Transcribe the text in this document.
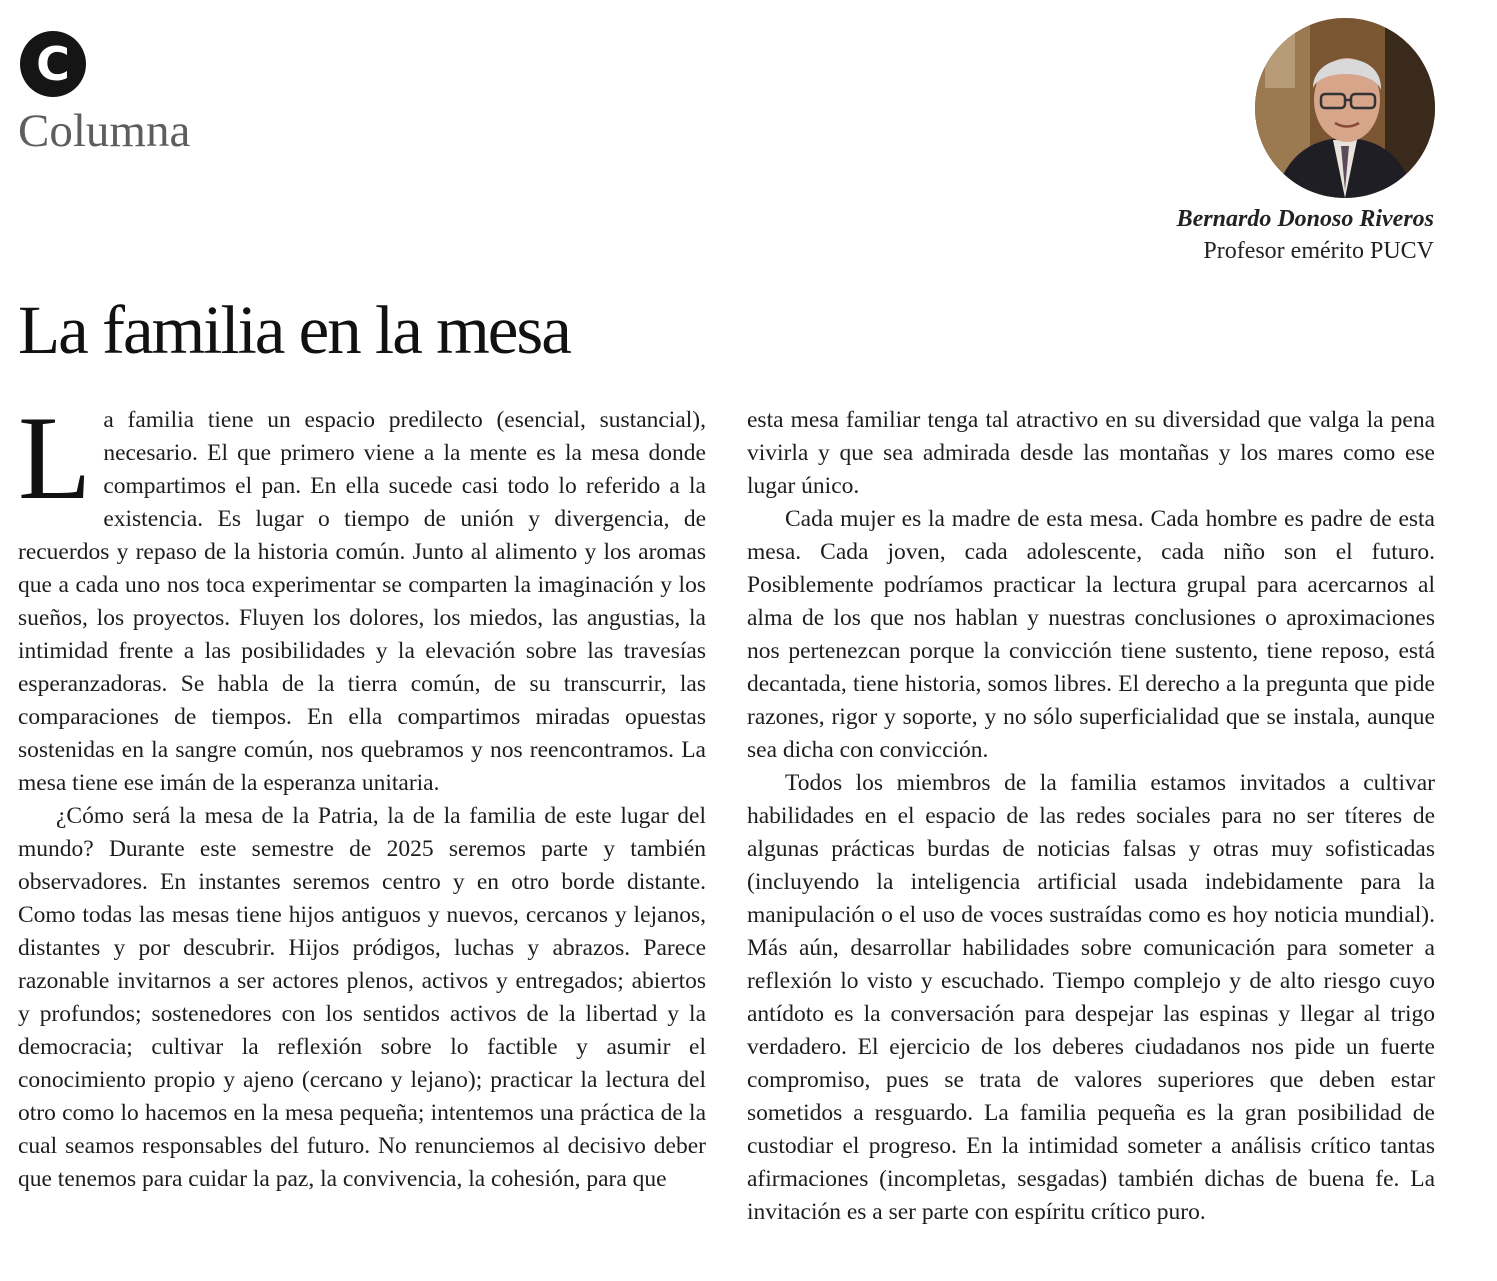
C
Columna
Bernardo Donoso Riveros
Profesor emérito PUCV
La familia en la mesa

La familia tiene un espacio predilecto (esencial, sustancial), necesario. El que primero viene a la mente es la mesa donde compartimos el pan. En ella sucede casi todo lo referido a la existencia. Es lugar o tiempo de unión y divergencia, de recuerdos y repaso de la historia común. Junto al alimento y los aromas que a cada uno nos toca experimentar se comparten la imaginación y los sueños, los proyectos. Fluyen los dolores, los miedos, las angustias, la intimidad frente a las posibilidades y la elevación sobre las travesías esperanzadoras. Se habla de la tierra común, de su transcurrir, las comparaciones de tiempos. En ella compartimos miradas opuestas sostenidas en la sangre común, nos quebramos y nos reencontramos. La mesa tiene ese imán de la esperanza unitaria.

¿Cómo será la mesa de la Patria, la de la familia de este lugar del mundo? Durante este semestre de 2025 seremos parte y también observadores. En instantes seremos centro y en otro borde distante. Como todas las mesas tiene hijos antiguos y nuevos, cercanos y lejanos, distantes y por descubrir. Hijos pródigos, luchas y abrazos. Parece razonable invitarnos a ser actores plenos, activos y entregados; abiertos y profundos; sostenedores con los sentidos activos de la libertad y la democracia; cultivar la reflexión sobre lo factible y asumir el conocimiento propio y ajeno (cercano y lejano); practicar la lectura del otro como lo hacemos en la mesa pequeña; intentemos una práctica de la cual seamos responsables del futuro. No renunciemos al decisivo deber que tenemos para cuidar la paz, la convivencia, la cohesión, para que

esta mesa familiar tenga tal atractivo en su diversidad que valga la pena vivirla y que sea admirada desde las montañas y los mares como ese lugar único.

Cada mujer es la madre de esta mesa. Cada hombre es padre de esta mesa. Cada joven, cada adolescente, cada niño son el futuro. Posiblemente podríamos practicar la lectura grupal para acercarnos al alma de los que nos hablan y nuestras conclusiones o aproximaciones nos pertenezcan porque la convicción tiene sustento, tiene reposo, está decantada, tiene historia, somos libres. El derecho a la pregunta que pide razones, rigor y soporte, y no sólo superficialidad que se instala, aunque sea dicha con convicción.

Todos los miembros de la familia estamos invitados a cultivar habilidades en el espacio de las redes sociales para no ser títeres de algunas prácticas burdas de noticias falsas y otras muy sofisticadas (incluyendo la inteligencia artificial usada indebidamente para la manipulación o el uso de voces sustraídas como es hoy noticia mundial). Más aún, desarrollar habilidades sobre comunicación para someter a reflexión lo visto y escuchado. Tiempo complejo y de alto riesgo cuyo antídoto es la conversación para despejar las espinas y llegar al trigo verdadero. El ejercicio de los deberes ciudadanos nos pide un fuerte compromiso, pues se trata de valores superiores que deben estar sometidos a resguardo. La familia pequeña es la gran posibilidad de custodiar el progreso. En la intimidad someter a análisis crítico tantas afirmaciones (incompletas, sesgadas) también dichas de buena fe. La invitación es a ser parte con espíritu crítico puro.
